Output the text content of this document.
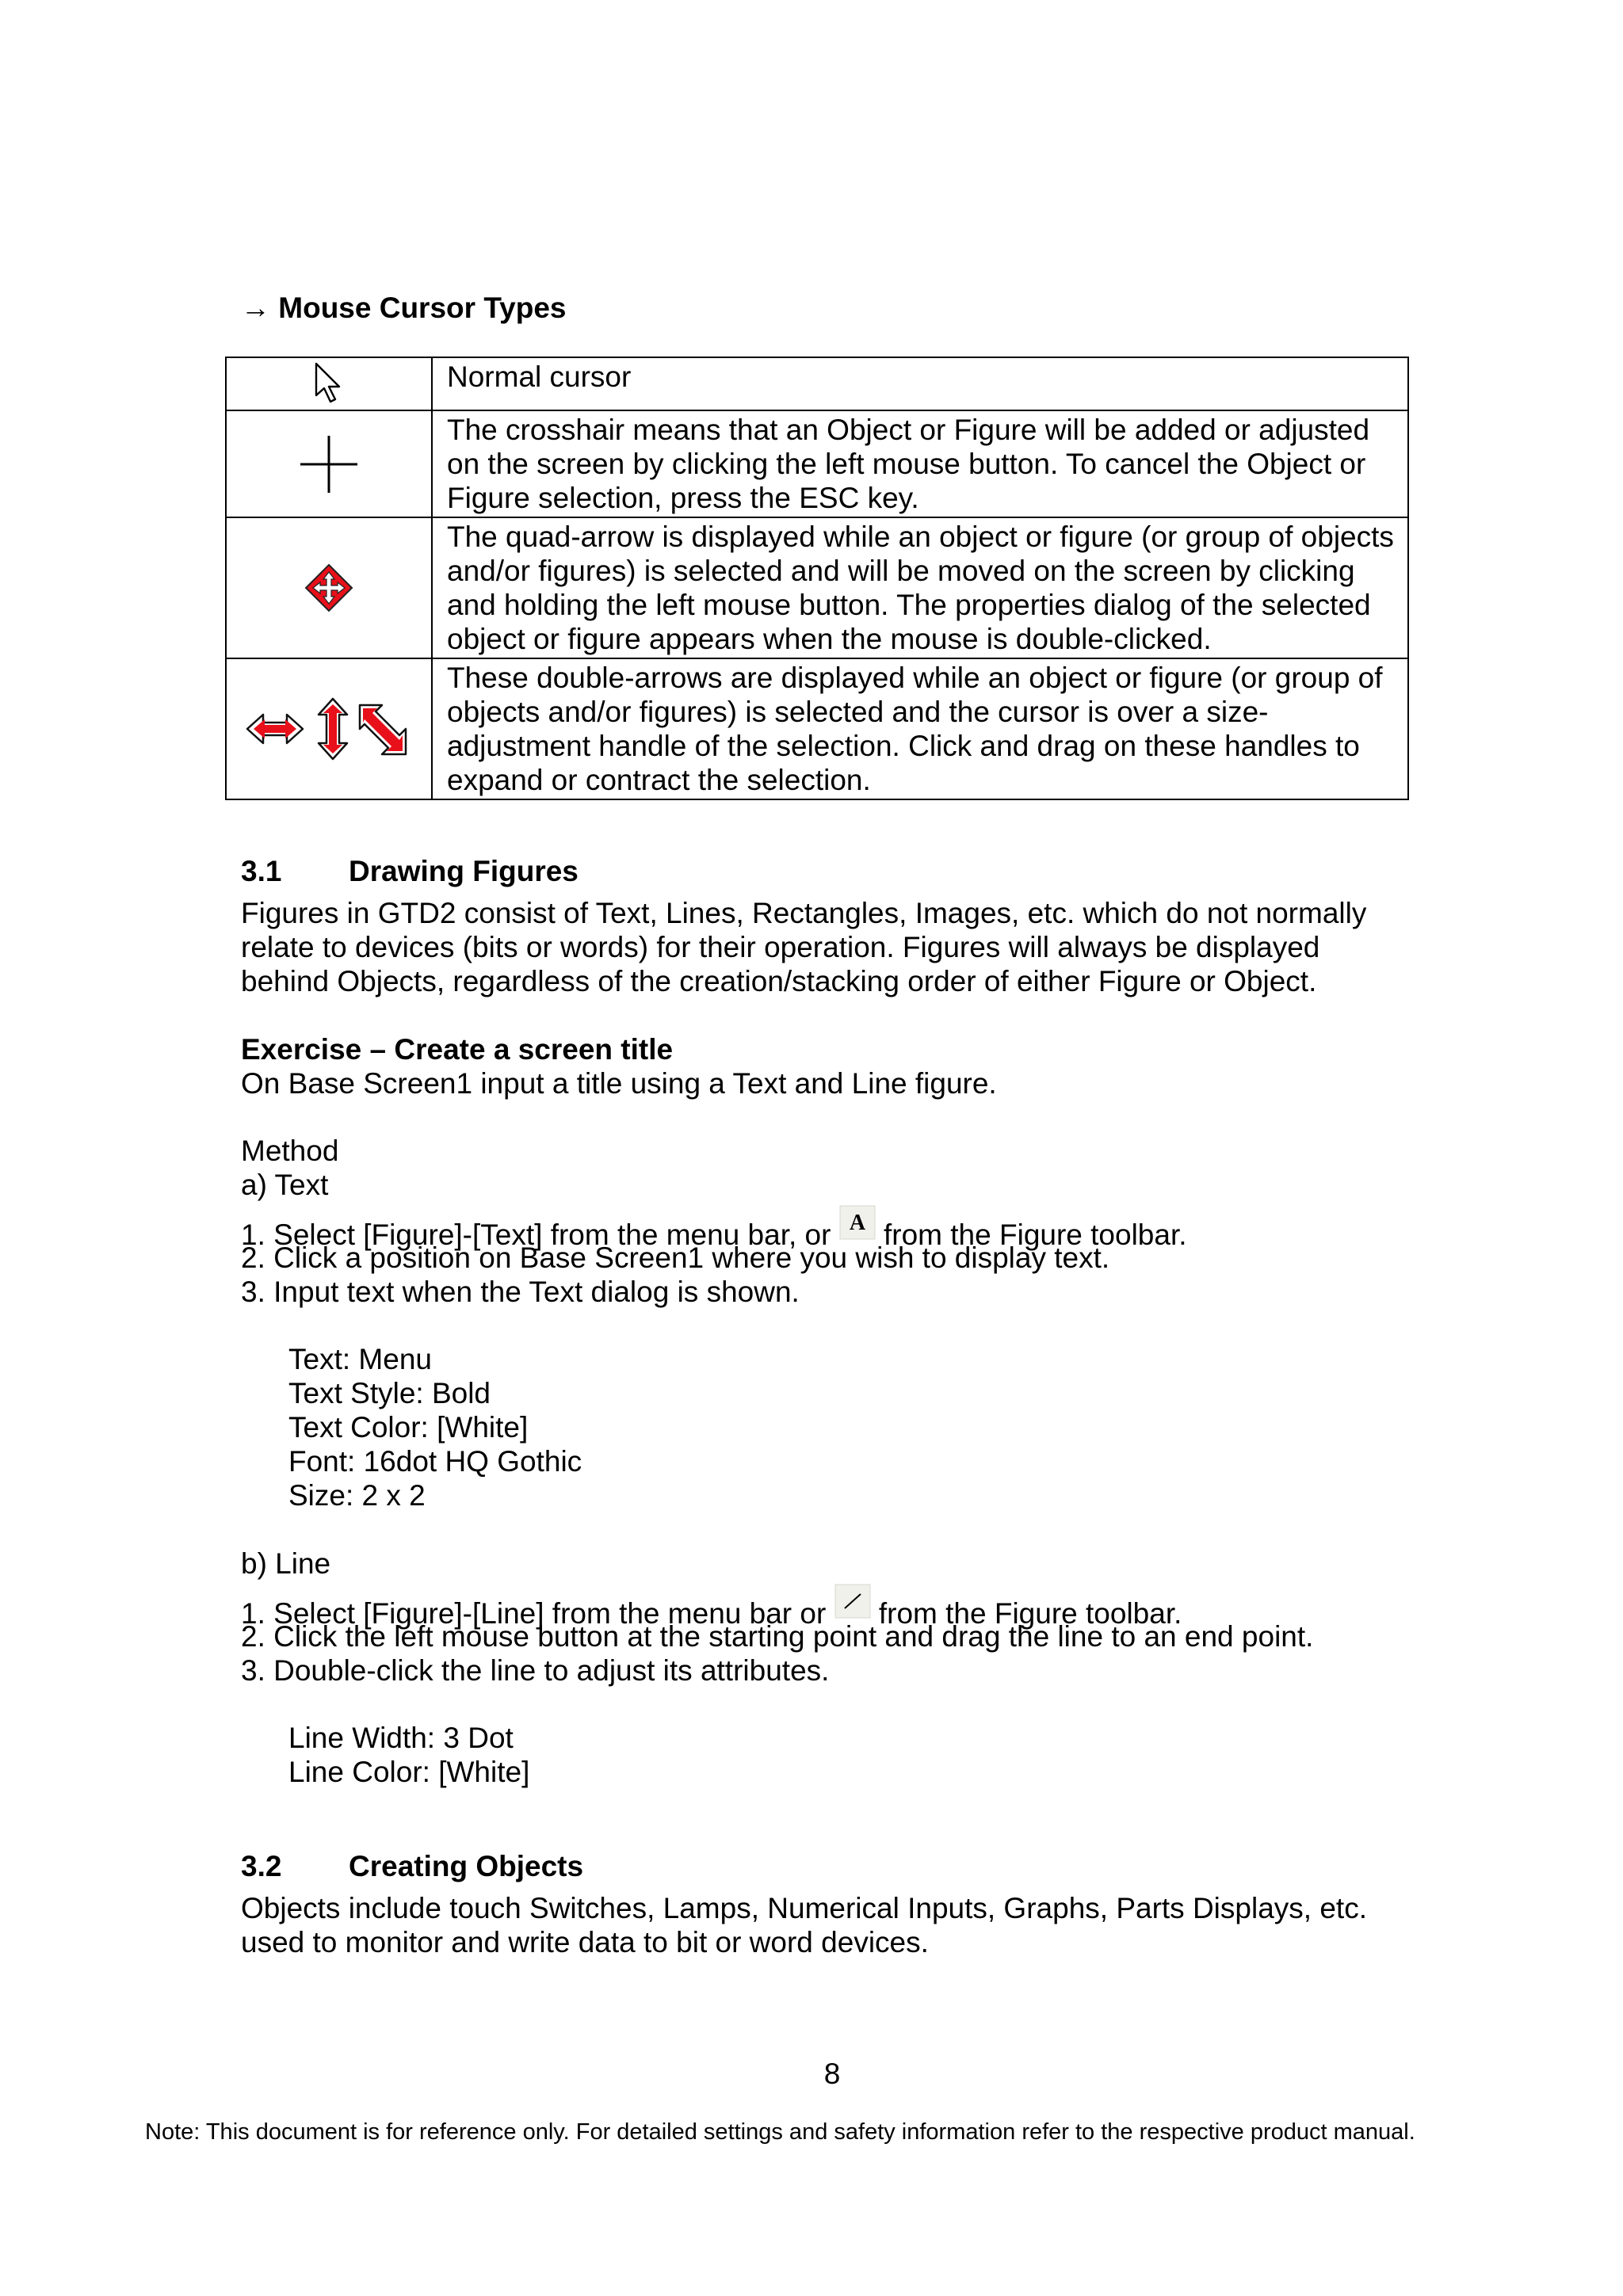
→ Mouse Cursor Types
	Normal cursor
	The crosshair means that an Object or Figure will be added or adjusted on the screen by clicking the left mouse button. To cancel the Object or Figure selection, press the ESC key.
	The quad-arrow is displayed while an object or figure (or group of objects and/or figures) is selected and will be moved on the screen by clicking and holding the left mouse button. The properties dialog of the selected object or figure appears when the mouse is double-clicked.
	These double-arrows are displayed while an object or figure (or group of objects and/or figures) is selected and the cursor is over a size-adjustment handle of the selection. Click and drag on these handles to expand or contract the selection.
3.1 Drawing Figures
Figures in GTD2 consist of Text, Lines, Rectangles, Images, etc. which do not normally
relate to devices (bits or words) for their operation. Figures will always be displayed
behind Objects, regardless of the creation/stacking order of either Figure or Object.
Exercise – Create a screen title
On Base Screen1 input a title using a Text and Line figure.
Method
a) Text
1. Select [Figure]-[Text] from the menu bar, or A from the Figure toolbar.
2. Click a position on Base Screen1 where you wish to display text.
3. Input text when the Text dialog is shown.
Text: Menu
Text Style: Bold
Text Color: [White]
Font: 16dot HQ Gothic
Size: 2 x 2
b) Line
1. Select [Figure]-[Line] from the menu bar or from the Figure toolbar.
2. Click the left mouse button at the starting point and drag the line to an end point.
3. Double-click the line to adjust its attributes.
Line Width: 3 Dot
Line Color: [White]
3.2 Creating Objects
Objects include touch Switches, Lamps, Numerical Inputs, Graphs, Parts Displays, etc.
used to monitor and write data to bit or word devices.
8
Note: This document is for reference only. For detailed settings and safety information refer to the respective product manual.
